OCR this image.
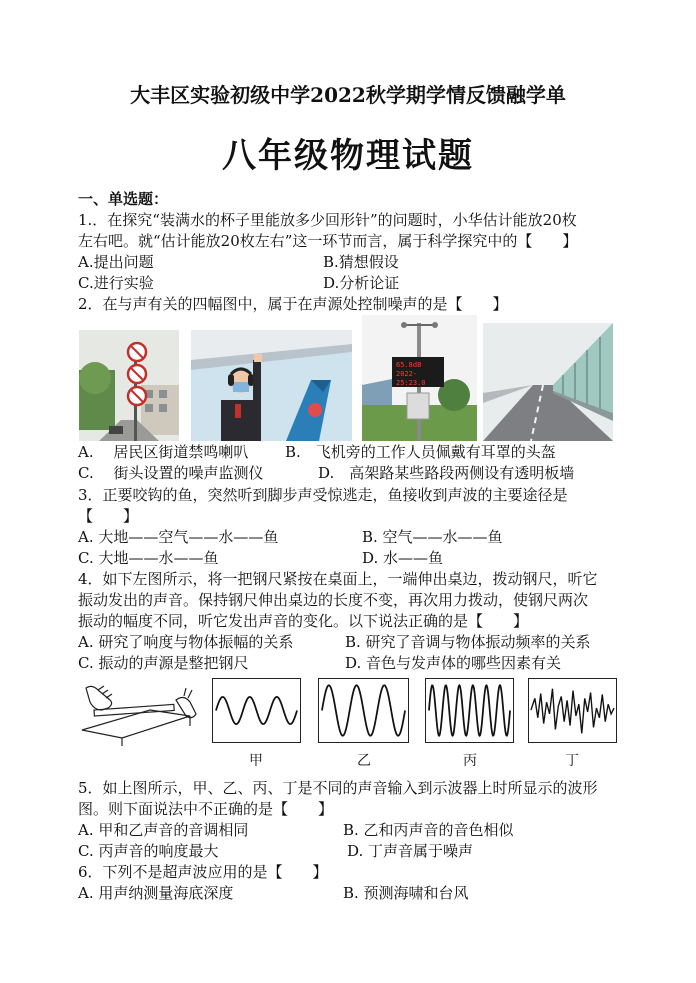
大丰区实验初级中学2022秋学期学情反馈融学单
八年级物理试题
一、单选题：
1.．在探究“装满水的杯子里能放多少回形针”的问题时，小华估计能放20枚
左右吧。就“估计能放20枚左右”这一环节而言，属于科学探究中的【　　】
A.提出问题	B.猜想假设
C.进行实验	D.分析论证
2．在与声有关的四幅图中，属于在声源处控制噪声的是【　　】
65.8dB
2022-
25:23.0
A.　 居民区街道禁鸣喇叭 B.　飞机旁的工作人员佩戴有耳罩的头盔
C.　 街头设置的噪声监测仪	D.　高架路某些路段两侧设有透明板墙
3．正要咬钩的鱼，突然听到脚步声受惊逃走，鱼接收到声波的主要途径是
【　　】
A. 大地——空气——水——鱼	B. 空气——水——鱼
C. 大地——水——鱼	D. 水——鱼
4．如下左图所示，将一把钢尺紧按在桌面上，一端伸出桌边，拨动钢尺，听它
振动发出的声音。保持钢尺伸出桌边的长度不变，再次用力拨动，使钢尺两次
振动的幅度不同，听它发出声音的变化。以下说法正确的是【　　】
A. 研究了响度与物体振幅的关系	B. 研究了音调与物体振动频率的关系
C. 振动的声源是整把钢尺	D. 音色与发声体的哪些因素有关
甲	乙	丙	丁
5．如上图所示，甲、乙、丙、丁是不同的声音输入到示波器上时所显示的波形
图。则下面说法中不正确的是【　　】
A. 甲和乙声音的音调相同	B. 乙和丙声音的音色相似
C. 丙声音的响度最大	D. 丁声音属于噪声
6．下列不是超声波应用的是【　　】
A. 用声纳测量海底深度	B. 预测海啸和台风
